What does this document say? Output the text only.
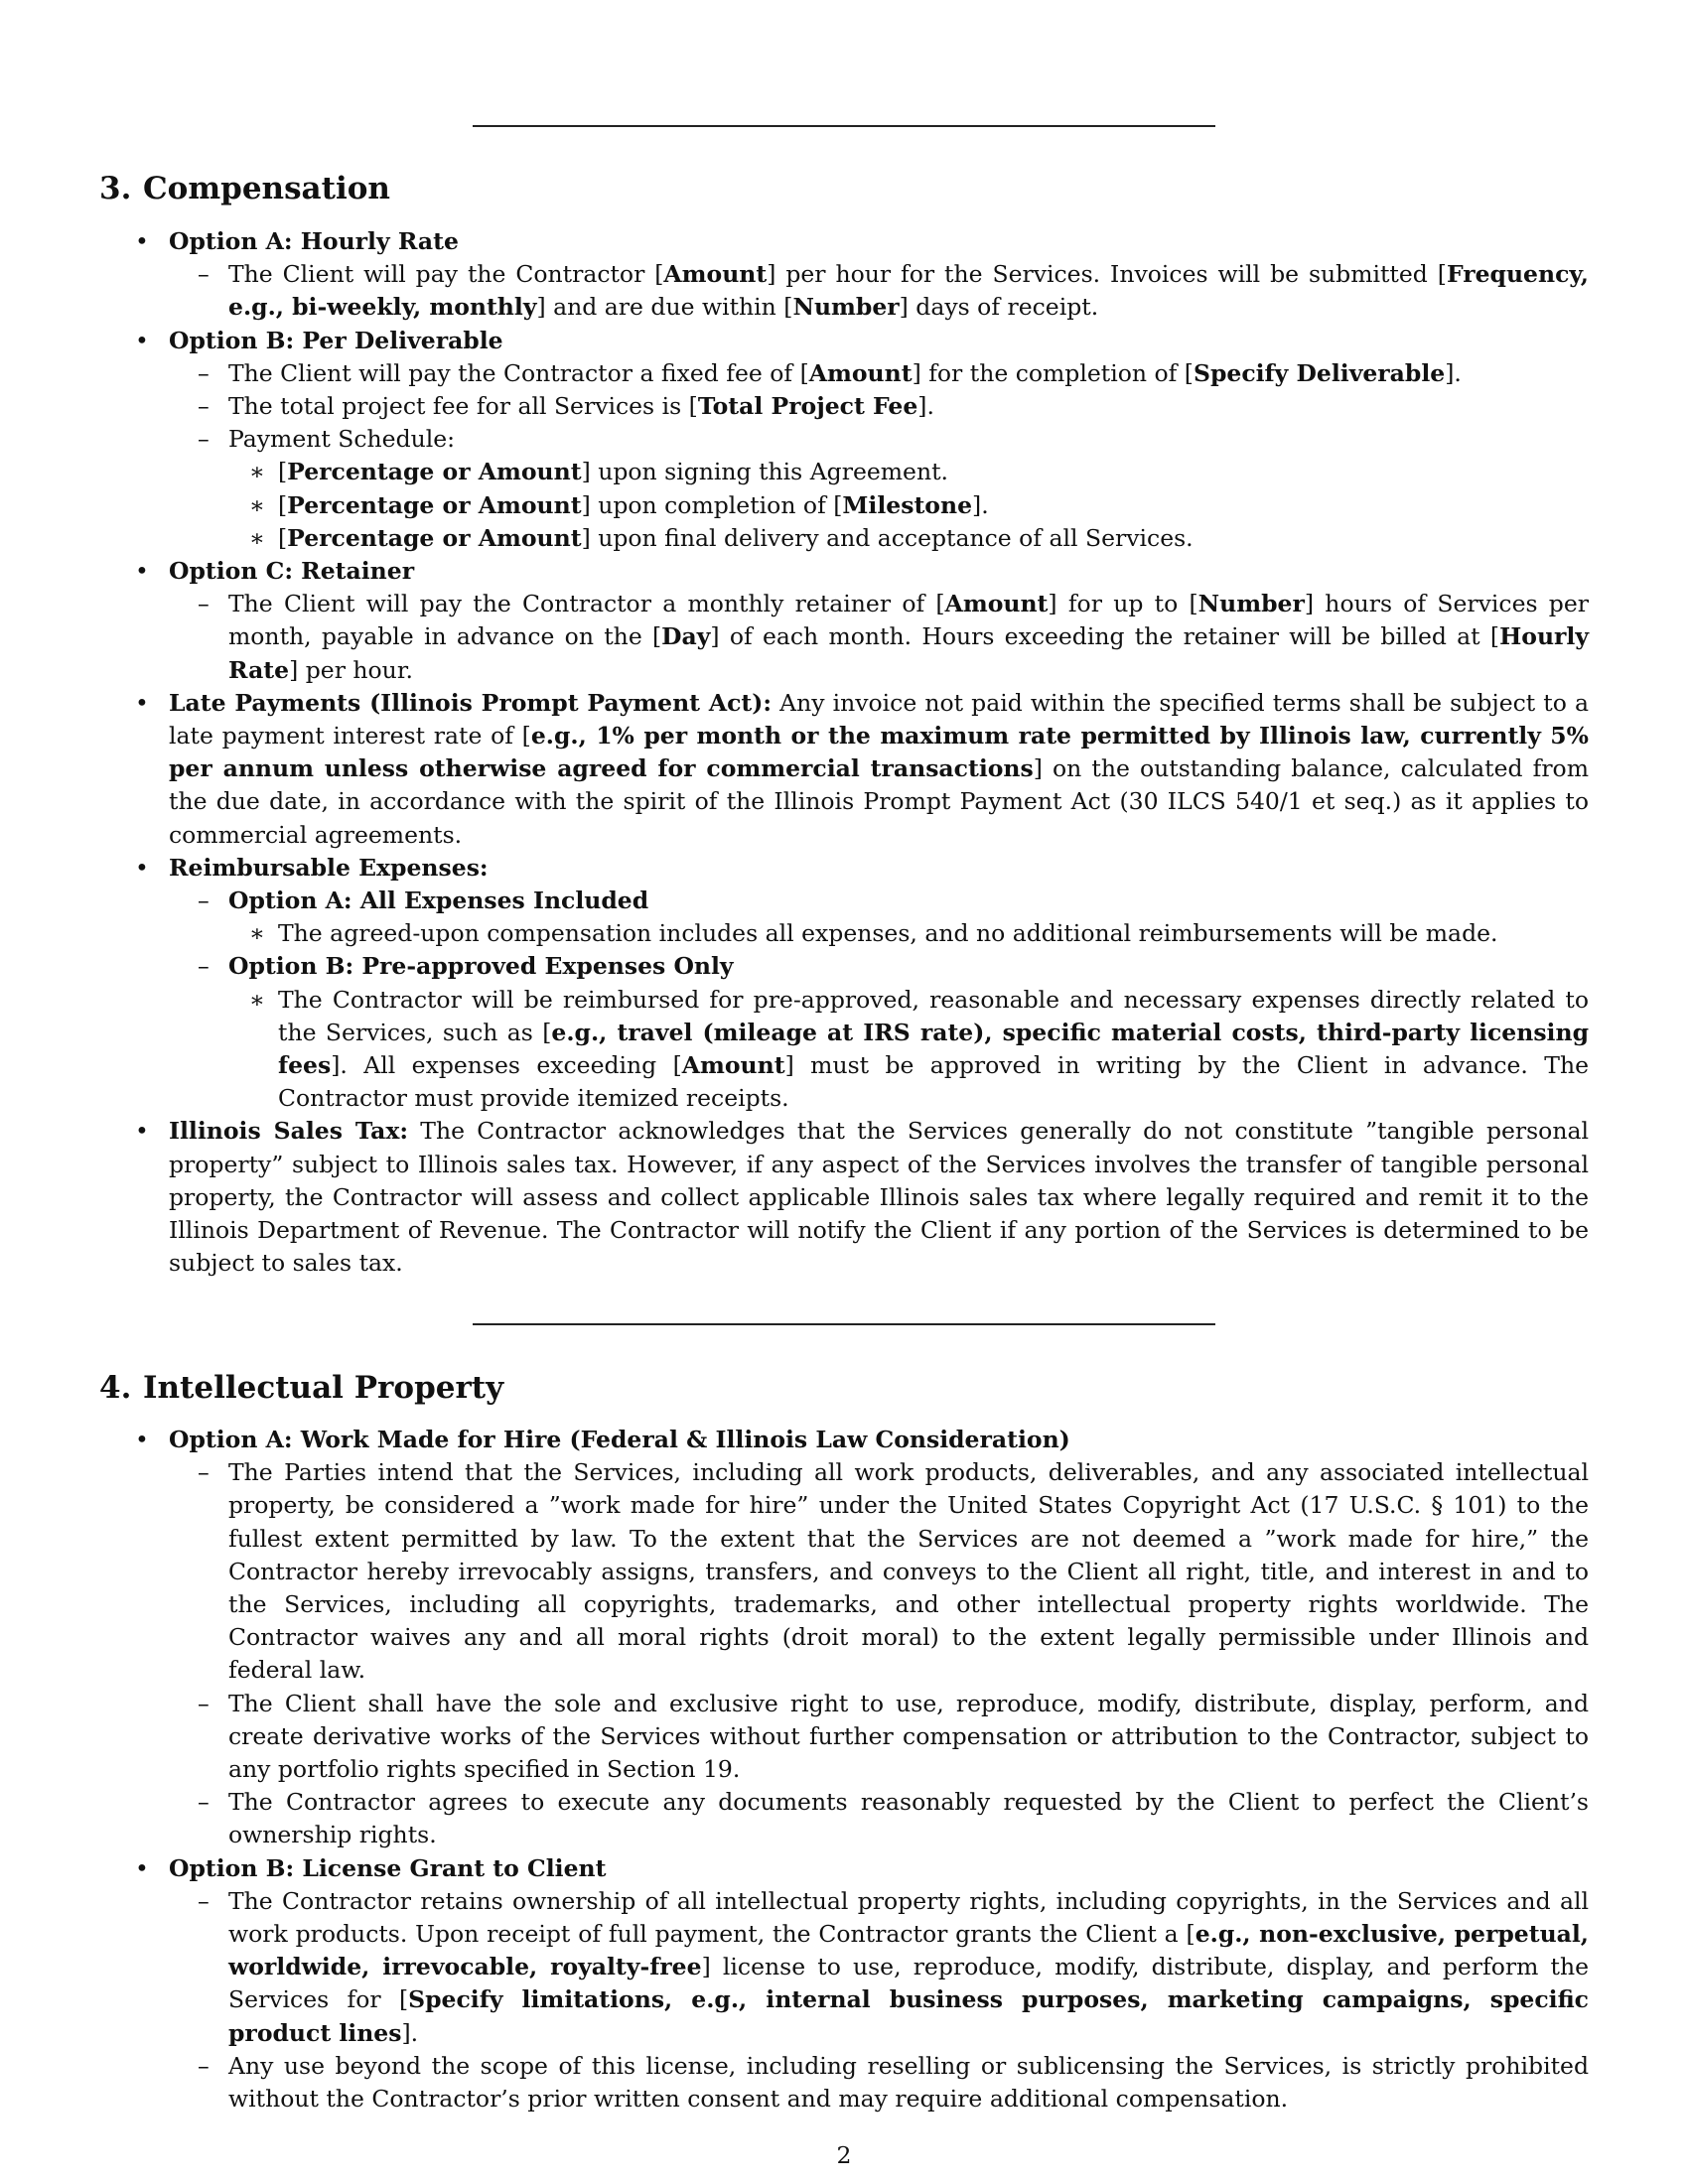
3. Compensation
• Option A: Hourly Rate
– The Client will pay the Contractor [Amount] per hour for the Services. Invoices will be submitted [Frequency, e.g., bi-weekly, monthly] and are due within [Number] days of receipt.
• Option B: Per Deliverable
– The Client will pay the Contractor a fixed fee of [Amount] for the completion of [Specify Deliverable].
– The total project fee for all Services is [Total Project Fee].
– Payment Schedule:
∗ [Percentage or Amount] upon signing this Agreement.
∗ [Percentage or Amount] upon completion of [Milestone].
∗ [Percentage or Amount] upon final delivery and acceptance of all Services.
• Option C: Retainer
– The Client will pay the Contractor a monthly retainer of [Amount] for up to [Number] hours of Services per month, payable in advance on the [Day] of each month. Hours exceeding the retainer will be billed at [Hourly Rate] per hour.
• Late Payments (Illinois Prompt Payment Act): Any invoice not paid within the specified terms shall be subject to a late payment interest rate of [e.g., 1% per month or the maximum rate permitted by Illinois law, currently 5% per annum unless otherwise agreed for commercial transactions] on the outstanding balance, calculated from the due date, in accordance with the spirit of the Illinois Prompt Payment Act (30 ILCS 540/1 et seq.) as it applies to commercial agreements.
• Reimbursable Expenses:
– Option A: All Expenses Included
∗ The agreed-upon compensation includes all expenses, and no additional reimbursements will be made.
– Option B: Pre-approved Expenses Only
∗ The Contractor will be reimbursed for pre-approved, reasonable and necessary expenses directly related to the Services, such as [e.g., travel (mileage at IRS rate), specific material costs, third-party licensing fees]. All expenses exceeding [Amount] must be approved in writing by the Client in advance. The Contractor must provide itemized receipts.
• Illinois Sales Tax: The Contractor acknowledges that the Services generally do not constitute ”tangible personal property” subject to Illinois sales tax. However, if any aspect of the Services involves the transfer of tangible personal property, the Contractor will assess and collect applicable Illinois sales tax where legally required and remit it to the Illinois Department of Revenue. The Contractor will notify the Client if any portion of the Services is determined to be subject to sales tax.
4. Intellectual Property
• Option A: Work Made for Hire (Federal & Illinois Law Consideration)
– The Parties intend that the Services, including all work products, deliverables, and any associated intellectual property, be considered a ”work made for hire” under the United States Copyright Act (17 U.S.C. § 101) to the fullest extent permitted by law. To the extent that the Services are not deemed a ”work made for hire,” the Contractor hereby irrevocably assigns, transfers, and conveys to the Client all right, title, and interest in and to the Services, including all copyrights, trademarks, and other intellectual property rights worldwide. The Contractor waives any and all moral rights (droit moral) to the extent legally permissible under Illinois and federal law.
– The Client shall have the sole and exclusive right to use, reproduce, modify, distribute, display, perform, and create derivative works of the Services without further compensation or attribution to the Contractor, subject to any portfolio rights specified in Section 19.
– The Contractor agrees to execute any documents reasonably requested by the Client to perfect the Client’s ownership rights.
• Option B: License Grant to Client
– The Contractor retains ownership of all intellectual property rights, including copyrights, in the Services and all work products. Upon receipt of full payment, the Contractor grants the Client a [e.g., non-exclusive, perpetual, worldwide, irrevocable, royalty-free] license to use, reproduce, modify, distribute, display, and perform the Services for [Specify limitations, e.g., internal business purposes, marketing campaigns, specific product lines].
– Any use beyond the scope of this license, including reselling or sublicensing the Services, is strictly prohibited without the Contractor’s prior written consent and may require additional compensation.
2
